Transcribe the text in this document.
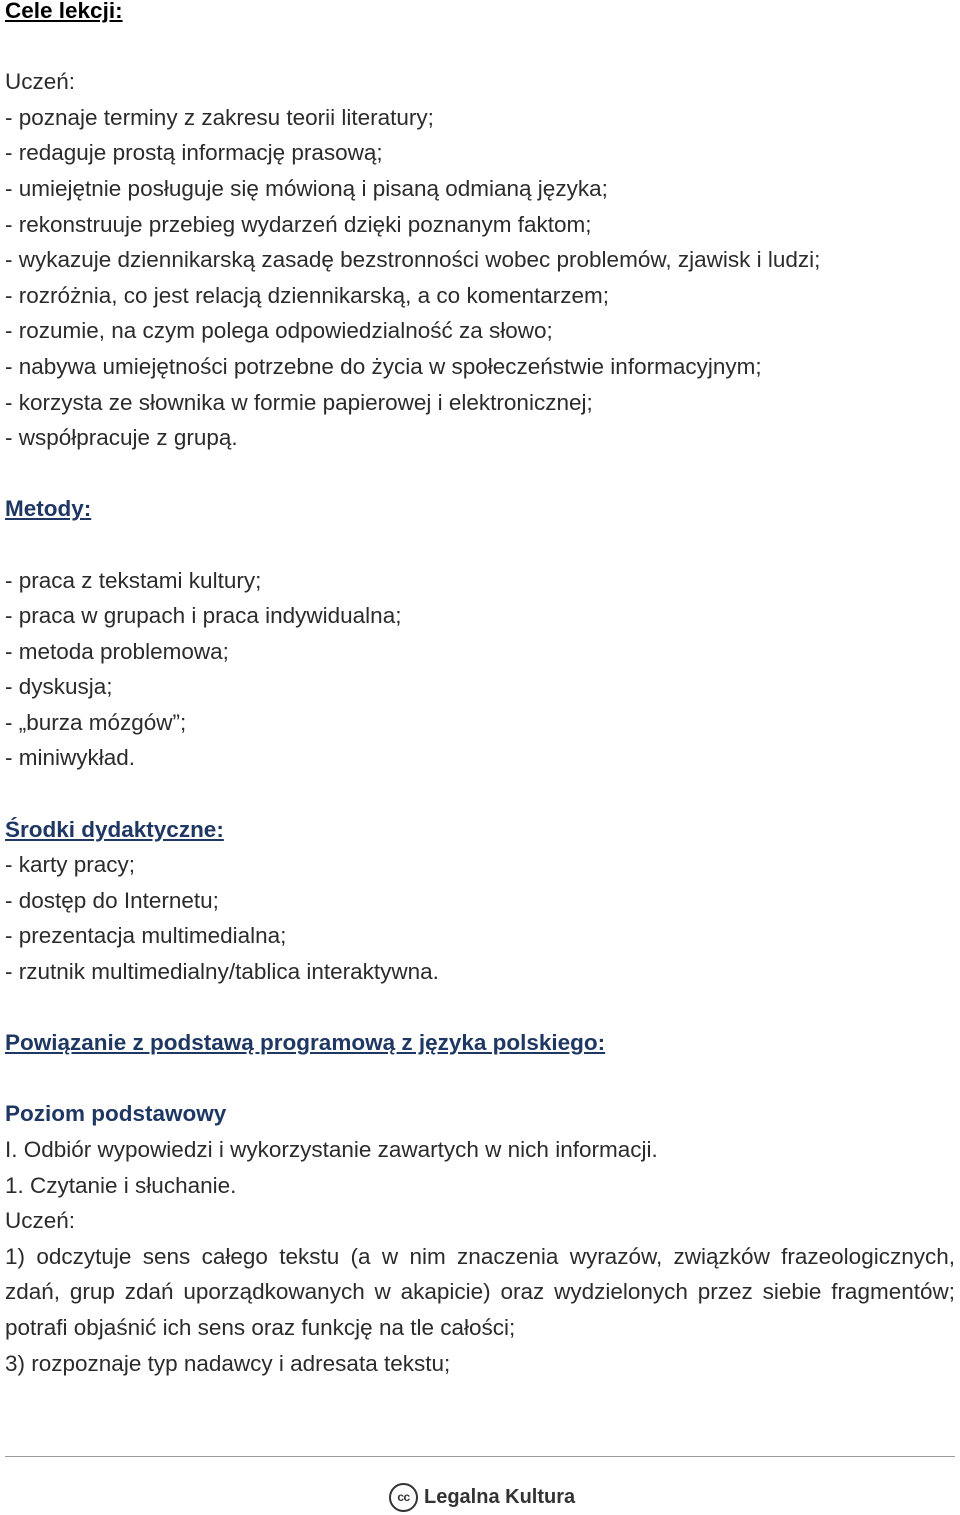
Cele lekcji:
Uczeń:
- poznaje terminy z zakresu teorii literatury;
- redaguje prostą informację prasową;
- umiejętnie posługuje się mówioną i pisaną odmianą języka;
- rekonstruuje przebieg wydarzeń dzięki poznanym faktom;
- wykazuje dziennikarską zasadę bezstronności wobec problemów, zjawisk i ludzi;
- rozróżnia, co jest relacją dziennikarską, a co komentarzem;
- rozumie, na czym polega odpowiedzialność za słowo;
- nabywa umiejętności potrzebne do życia w społeczeństwie informacyjnym;
- korzysta ze słownika w formie papierowej i elektronicznej;
- współpracuje z grupą.
Metody:
- praca z tekstami kultury;
- praca w grupach i praca indywidualna;
- metoda problemowa;
- dyskusja;
- „burza mózgów”;
- miniwykład.
Środki dydaktyczne:
- karty pracy;
- dostęp do Internetu;
- prezentacja multimedialna;
- rzutnik multimedialny/tablica interaktywna.
Powiązanie z podstawą programową z języka polskiego:
Poziom podstawowy
I. Odbiór wypowiedzi i wykorzystanie zawartych w nich informacji.
1. Czytanie i słuchanie.
Uczeń:
1) odczytuje sens całego tekstu (a w nim znaczenia wyrazów, związków frazeologicznych,
zdań, grup zdań uporządkowanych w akapicie) oraz wydzielonych przez siebie fragmentów;
potrafi objaśnić ich sens oraz funkcję na tle całości;
3) rozpoznaje typ nadawcy i adresata tekstu;
cc Legalna Kultura
